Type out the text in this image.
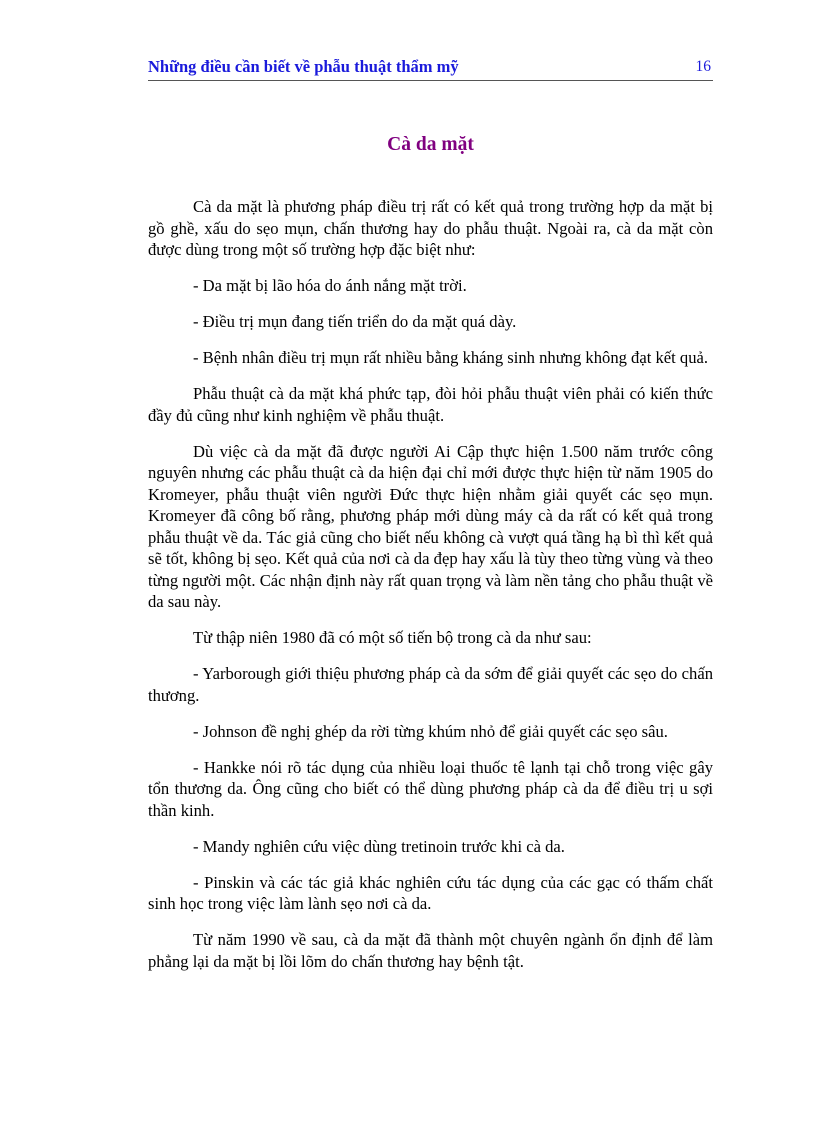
Những điều cần biết về phẫu thuật thẩm mỹ	16
Cà da mặt

Cà da mặt là phương pháp điều trị rất có kết quả trong trường hợp da mặt bị gồ ghề, xấu do sẹo mụn, chấn thương hay do phẫu thuật. Ngoài ra, cà da mặt còn được dùng trong một số trường hợp đặc biệt như:

- Da mặt bị lão hóa do ánh nắng mặt trời.

- Điều trị mụn đang tiến triển do da mặt quá dày.

- Bệnh nhân điều trị mụn rất nhiều bằng kháng sinh nhưng không đạt kết quả.

Phẫu thuật cà da mặt khá phức tạp, đòi hỏi phẫu thuật viên phải có kiến thức đầy đủ cũng như kinh nghiệm về phẫu thuật.

Dù việc cà da mặt đã được người Ai Cập thực hiện 1.500 năm trước công nguyên nhưng các phẫu thuật cà da hiện đại chỉ mới được thực hiện từ năm 1905 do Kromeyer, phẫu thuật viên người Đức thực hiện nhằm giải quyết các sẹo mụn. Kromeyer đã công bố rằng, phương pháp mới dùng máy cà da rất có kết quả trong phẫu thuật về da. Tác giả cũng cho biết nếu không cà vượt quá tầng hạ bì thì kết quả sẽ tốt, không bị sẹo. Kết quả của nơi cà da đẹp hay xấu là tùy theo từng vùng và theo từng người một. Các nhận định này rất quan trọng và làm nền tảng cho phẫu thuật về da sau này.

Từ thập niên 1980 đã có một số tiến bộ trong cà da như sau:

- Yarborough giới thiệu phương pháp cà da sớm để giải quyết các sẹo do chấn thương.

- Johnson đề nghị ghép da rời từng khúm nhỏ để giải quyết các sẹo sâu.

- Hankke nói rõ tác dụng của nhiều loại thuốc tê lạnh tại chỗ trong việc gây tổn thương da. Ông cũng cho biết có thể dùng phương pháp cà da để điều trị u sợi thần kinh.

- Mandy nghiên cứu việc dùng tretinoin trước khi cà da.

- Pinskin và các tác giả khác nghiên cứu tác dụng của các gạc có thấm chất sinh học trong việc làm lành sẹo nơi cà da.

Từ năm 1990 về sau, cà da mặt đã thành một chuyên ngành ổn định để làm phẳng lại da mặt bị lồi lõm do chấn thương hay bệnh tật.
